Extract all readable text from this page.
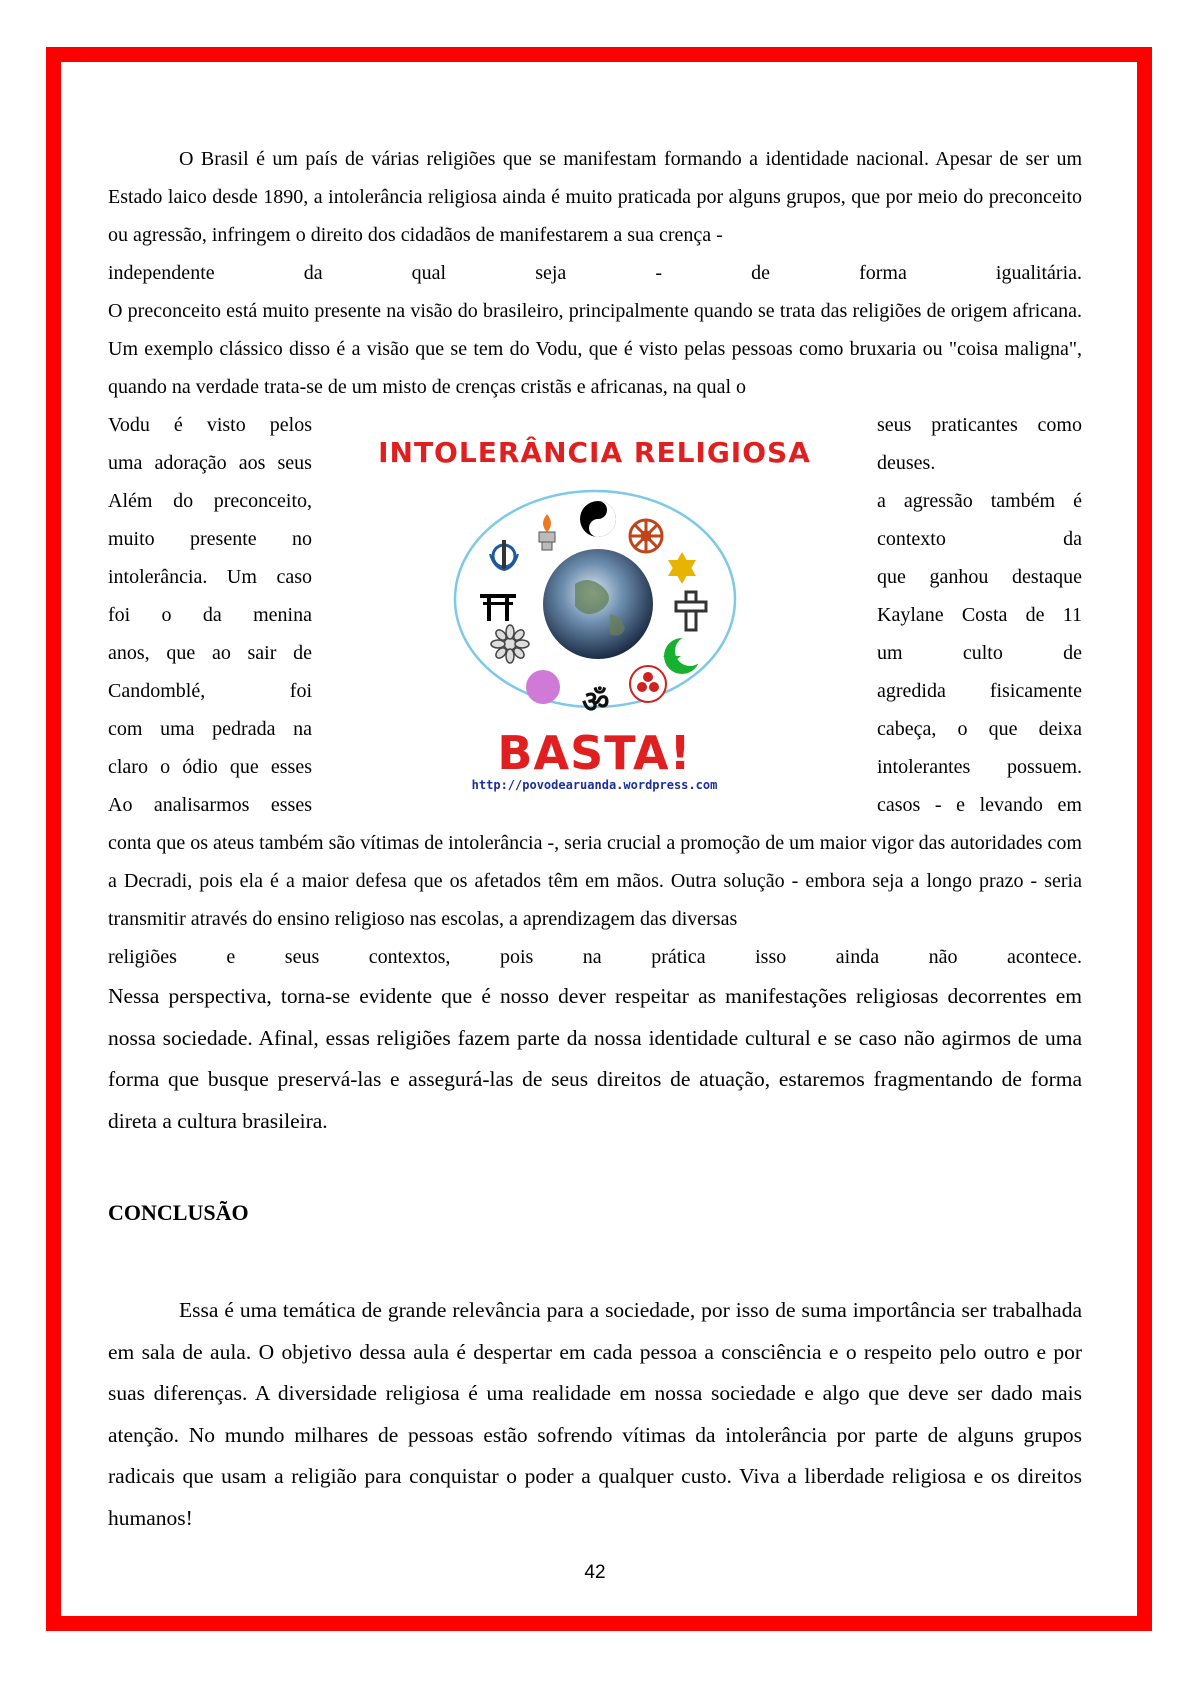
O Brasil é um país de várias religiões que se manifestam formando a identidade nacional. Apesar de ser um Estado laico desde 1890, a intolerância religiosa ainda é muito praticada por alguns grupos, que por meio do preconceito ou agressão, infringem o direito dos cidadãos de manifestarem a sua crença -

independente	da	qual	seja	-	de	forma	igualitária.

O preconceito está muito presente na visão do brasileiro, principalmente quando se trata das religiões de origem africana. Um exemplo clássico disso é a visão que se tem do Vodu, que é visto pelas pessoas como bruxaria ou "coisa maligna", quando na verdade trata-se de um misto de crenças cristãs e africanas, na qual o

Vodu é visto pelos
uma adoração aos seus
Além do preconceito,
muito presente no
intolerância. Um caso
foi o da menina
anos, que ao sair de
Candomblé,	foi
com uma pedrada na
claro o ódio que esses
Ao analisarmos esses
INTOLERÂNCIA RELIGIOSA
ॐ
BASTA!
http://povodearuanda.wordpress.com
seus praticantes como
deuses.
a agressão também é
contexto	da
que ganhou destaque
Kaylane Costa de 11
um	culto	de
agredida fisicamente
cabeça, o que deixa
intolerantes possuem.
casos - e levando em

conta que os ateus também são vítimas de intolerância -, seria crucial a promoção de um maior vigor das autoridades com a Decradi, pois ela é a maior defesa que os afetados têm em mãos. Outra solução - embora seja a longo prazo - seria transmitir através do ensino religioso nas escolas, a aprendizagem das diversas

religiões e seus contextos, pois na prática isso ainda não acontece.

Nessa perspectiva, torna-se evidente que é nosso dever respeitar as manifestações religiosas decorrentes em nossa sociedade. Afinal, essas religiões fazem parte da nossa identidade cultural e se caso não agirmos de uma forma que busque preservá-las e assegurá-las de seus direitos de atuação, estaremos fragmentando de forma direta a cultura brasileira.

CONCLUSÃO

Essa é uma temática de grande relevância para a sociedade, por isso de suma importância ser trabalhada em sala de aula. O objetivo dessa aula é despertar em cada pessoa a consciência e o respeito pelo outro e por suas diferenças. A diversidade religiosa é uma realidade em nossa sociedade e algo que deve ser dado mais atenção. No mundo milhares de pessoas estão sofrendo vítimas da intolerância por parte de alguns grupos radicais que usam a religião para conquistar o poder a qualquer custo. Viva a liberdade religiosa e os direitos humanos!

42
